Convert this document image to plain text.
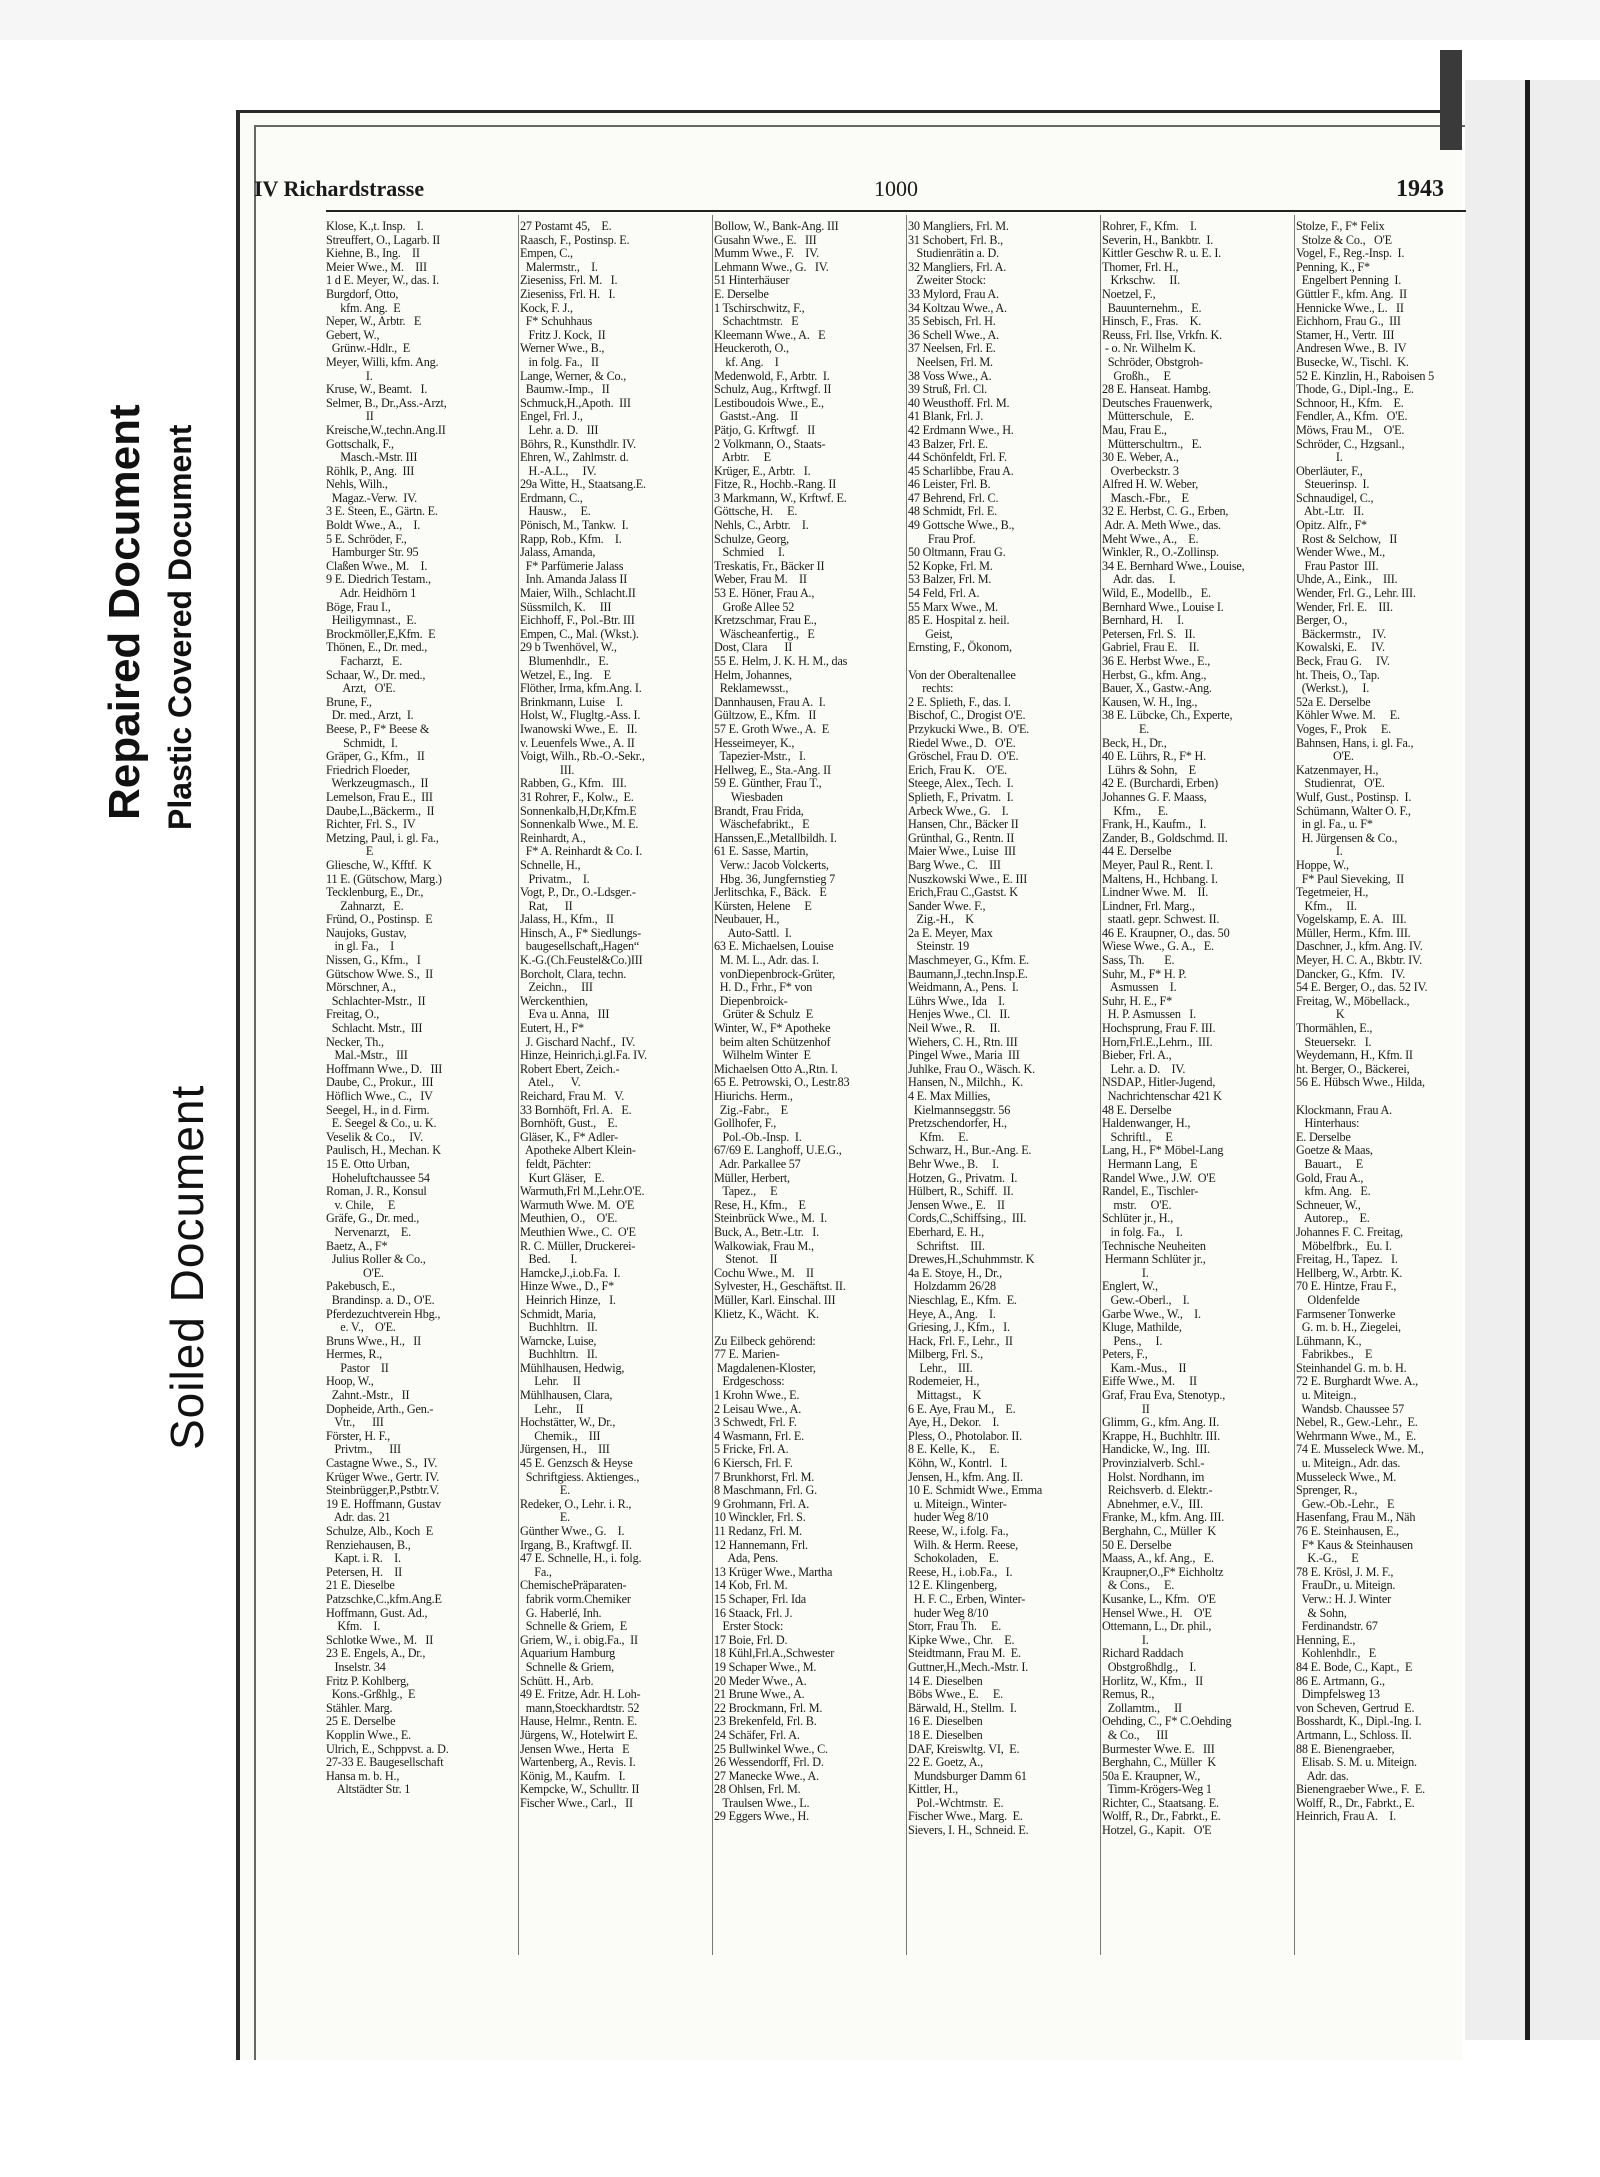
Repaired Document Plastic Covered Document
Soiled Document
IV Richardstrasse	1000	1943
Klose, K.,t. Insp.    I.
Streuffert, O., Lagarb. II
Kiehne, B., Ing.    II
Meier Wwe., M.    III
1 d E. Meyer, W., das. I.
Burgdorf, Otto,
kfm. Ang.  E
Neper, W., Arbtr.   E
Gebert, W.,
Grünw.-Hdlr.,  E
Meyer, Willi, kfm. Ang.
I.
Kruse, W., Beamt.   I.
Selmer, B., Dr.,Ass.-Arzt,
II
Kreische,W.,techn.Ang.II
Gottschalk, F.,
Masch.-Mstr. III
Röhlk, P., Ang.  III
Nehls, Wilh.,
Magaz.-Verw.  IV.
3 E. Steen, E., Gärtn. E.
Boldt Wwe., A.,    I.
5 E. Schröder, F.,
Hamburger Str. 95
Claßen Wwe., M.    I.
9 E. Diedrich Testam.,
Adr. Heidhörn 1
Böge, Frau I.,
Heiligymnast.,  E.
Brockmöller,E,Kfm.  E
Thönen, E., Dr. med.,
Facharzt,   E.
Schaar, W., Dr. med.,
Arzt,   O'E.
Brune, F.,
Dr. med., Arzt,  I.
Beese, P., F* Beese &
Schmidt,  I.
Gräper, G., Kfm.,   II
Friedrich Floeder,
Werkzeugmasch.,  II
Lemelson, Frau E.,  III
Daube,L.,Bäckerm.,  II
Richter, Frl. S.,  IV
Metzing, Paul, i. gl. Fa.,
E
Gliesche, W., Kfftf.  K
11 E. (Gütschow, Marg.)
Tecklenburg, E., Dr.,
Zahnarzt,   E.
Fründ, O., Postinsp.  E
Naujoks, Gustav,
in gl. Fa.,    I
Nissen, G., Kfm.,   I
Gütschow Wwe. S.,  II
Mörschner, A.,
Schlachter-Mstr.,  II
Freitag, O.,
Schlacht. Mstr.,  III
Necker, Th.,
Mal.-Mstr.,   III
Hoffmann Wwe., D.   III
Daube, C., Prokur.,  III
Höflich Wwe., C.,   IV
Seegel, H., in d. Firm.
E. Seegel & Co., u. K.
Veselik & Co.,     IV.
Paulisch, H., Mechan. K
15 E. Otto Urban,
Hoheluftchaussee 54
Roman, J. R., Konsul
v. Chile,     E
Gräfe, G., Dr. med.,
Nervenarzt,    E.
Baetz, A., F*
Julius Roller & Co.,
O'E.
Pakebusch, E.,
Brandinsp. a. D., O'E.
Pferdezuchtverein Hbg.,
e. V.,    O'E.
Bruns Wwe., H.,   II
Hermes, R.,
Pastor    II
Hoop, W.,
Zahnt.-Mstr.,   II
Dopheide, Arth., Gen.-
Vtr.,      III
Förster, H. F.,
Privtm.,      III
Castagne Wwe., S.,  IV.
Krüger Wwe., Gertr. IV.
Steinbrügger,P.,Pstbtr.V.
19 E. Hoffmann, Gustav
Adr. das. 21
Schulze, Alb., Koch  E
Renziehausen, B.,
Kapt. i. R.    I.
Petersen, H.    II
21 E. Dieselbe
Patzschke,C.,kfm.Ang.E
Hoffmann, Gust. Ad.,
Kfm.    I.
Schlotke Wwe., M.   II
23 E. Engels, A., Dr.,
Inselstr. 34
Fritz P. Kohlberg,
Kons.-Grßhlg.,  E
Stähler. Marg.
25 E. Derselbe
Kopplin Wwe., E.
Ulrich, E., Schppvst. a. D.
27-33 E. Baugesellschaft
Hansa m. b. H.,
Altstädter Str. 1
27 Postamt 45,    E.
Raasch, F., Postinsp. E.
Empen, C.,
Malermstr.,    I.
Zieseniss, Frl. M.   I.
Zieseniss, Frl. H.   I.
Kock, F. J.,
F* Schuhhaus
Fritz J. Kock,  II
Werner Wwe., B.,
in folg. Fa.,   II
Lange, Werner, & Co.,
Baumw.-Imp.,   II
Schmuck,H.,Apoth.  III
Engel, Frl. J.,
Lehr. a. D.   III
Böhrs, R., Kunsthdlr. IV.
Ehren, W., Zahlmstr. d.
H.-A.L.,     IV.
29a Witte, H., Staatsang.E.
Erdmann, C.,
Hausw.,     E.
Pönisch, M., Tankw.  I.
Rapp, Rob., Kfm.    I.
Jalass, Amanda,
F* Parfümerie Jalass
Inh. Amanda Jalass II
Maier, Wilh., Schlacht.II
Süssmilch, K.     III
Eichhoff, F., Pol.-Btr. III
Empen, C., Mal. (Wkst.).
29 b Twenhövel, W.,
Blumenhdlr.,   E.
Wetzel, E., Ing.    E
Flöther, Irma, kfm.Ang. I.
Brinkmann, Luise    I.
Holst, W., Flugltg.-Ass. I.
Iwanowski Wwe., E.   II.
v. Leuenfels Wwe., A. II
Voigt, Wilh., Rb.-O.-Sekr.,
III.
Rabben, G., Kfm.   III.
31 Rohrer, F., Kolw.,  E.
Sonnenkalb,H,Dr,Kfm.E
Sonnenkalb Wwe., M. E.
Reinhardt, A.,
F* A. Reinhardt & Co. I.
Schnelle, H.,
Privatm.,    I.
Vogt, P., Dr., O.-Ldsger.-
Rat,      II
Jalass, H., Kfm.,   II
Hinsch, A., F* Siedlungs-
baugesellschaft„Hagen“
K.-G.(Ch.Feustel&Co.)III
Borcholt, Clara, techn.
Zeichn.,     III
Werckenthien,
Eva u. Anna,   III
Eutert, H., F*
J. Gischard Nachf.,  IV.
Hinze, Heinrich,i.gl.Fa. IV.
Robert Ebert, Zeich.-
Atel.,      V.
Reichard, Frau M.   V.
33 Bornhöft, Frl. A.   E.
Bornhöft, Gust.,    E.
Gläser, K., F* Adler-
Apotheke Albert Klein-
feldt, Pächter:
Kurt Gläser,   E.
Warmuth,Frl M.,Lehr.O'E.
Warmuth Wwe. M.  O'E
Meuthien, O.,    O'E.
Meuthien Wwe., C.  O'E
R. C. Müller, Druckerei-
Bed.       I.
Hamcke,J.,i.ob.Fa.  I.
Hinze Wwe., D., F*
Heinrich Hinze,   I.
Schmidt, Maria,
Buchhltrn.   II.
Warncke, Luise,
Buchhltrn.   II.
Mühlhausen, Hedwig,
Lehr.     II
Mühlhausen, Clara,
Lehr.,     II
Hochstätter, W., Dr.,
Chemik.,    III
Jürgensen, H.,    III
45 E. Genzsch & Heyse
Schriftgiess. Aktienges.,
E.
Redeker, O., Lehr. i. R.,
E.
Günther Wwe., G.    I.
Irgang, B., Kraftwgf. II.
47 E. Schnelle, H., i. folg.
Fa.,
ChemischePräparaten-
fabrik vorm.Chemiker
G. Haberlé, Inh.
Schnelle & Griem,  E
Griem, W., i. obig.Fa.,  II
Aquarium Hamburg
Schnelle & Griem,
Schütt. H., Arb.
49 E. Fritze, Adr. H. Loh-
mann,Stoeckhardtstr. 52
Hause, Helmr., Rentn. E.
Jürgens, W., Hotelwirt E.
Jensen Wwe., Herta   E
Wartenberg, A., Revis. I.
König, M., Kaufm.   I.
Kempcke, W., Schulltr. II
Fischer Wwe., Carl.,   II
Bollow, W., Bank-Ang. III
Gusahn Wwe., E.   III
Mumm Wwe., F.    IV.
Lehmann Wwe., G.   IV.
51 Hinterhäuser
E. Derselbe
1 Tschirschwitz, F.,
Schachtmstr.   E
Kleemann Wwe., A.   E
Heuckeroth, O.,
kf. Ang.    I
Medenwold, F., Arbtr.  I.
Schulz, Aug., Krftwgf. II
Lestiboudois Wwe., E.,
Gastst.-Ang.    II
Pätjo, G. Krftwgf.   II
2 Volkmann, O., Staats-
Arbtr.     E
Krüger, E., Arbtr.   I.
Fitze, R., Hochb.-Rang. II
3 Markmann, W., Krftwf. E.
Göttsche, H.     E.
Nehls, C., Arbtr.    I.
Schulze, Georg,
Schmied     I.
Treskatis, Fr., Bäcker II
Weber, Frau M.    II
53 E. Höner, Frau A.,
Große Allee 52
Kretzschmar, Frau E.,
Wäscheanfertig.,   E
Dost, Clara      II
55 E. Helm, J. K. H. M., das
Helm, Johannes,
Reklamewsst.,
Dannhausen, Frau A.  I.
Gültzow, E., Kfm.   II
57 E. Groth Wwe., A.  E
Hesseimeyer, K.,
Tapezier-Mstr.,   I.
Hellweg, E., Sta.-Ang. II
59 E. Günther, Frau T.,
Wiesbaden
Brandt, Frau Frida,
Wäschefabrikt.,   E
Hanssen,E.,Metallbildh. I.
61 E. Sasse, Martin,
Verw.: Jacob Volckerts,
Hbg. 36, Jungfernstieg 7
Jerlitschka, F., Bäck.   E
Kürsten, Helene     E
Neubauer, H.,
Auto-Sattl.  I.
63 E. Michaelsen, Louise
M. M. L., Adr. das. I.
vonDiepenbrock-Grüter,
H. D., Frhr., F* von
Diepenbroick-
Grüter & Schulz  E
Winter, W., F* Apotheke
beim alten Schützenhof
Wilhelm Winter  E
Michaelsen Otto A.,Rtn. I.
65 E. Petrowski, O., Lestr.83
Hiurichs. Herm.,
Zig.-Fabr.,    E
Gollhofer, F.,
Pol.-Ob.-Insp.  I.
67/69 E. Langhoff, U.E.G.,
Adr. Parkallee 57
Müller, Herbert,
Tapez.,     E
Rese, H., Kfm.,    E
Steinbrück Wwe., M.  I.
Buck, A., Betr.-Ltr.   I.
Walkowiak, Frau M.,
Stenot.    II
Cochu Wwe., M.    II
Sylvester, H., Geschäftst. II.
Müller, Karl. Einschal. III
Klietz, K., Wächt.   K.

Zu Eilbeck gehörend:
77 E. Marien-
Magdalenen-Kloster,
Erdgeschoss:
1 Krohn Wwe., E.
2 Leisau Wwe., A.
3 Schwedt, Frl. F.
4 Wasmann, Frl. E.
5 Fricke, Frl. A.
6 Kiersch, Frl. F.
7 Brunkhorst, Frl. M.
8 Maschmann, Frl. G.
9 Grohmann, Frl. A.
10 Winckler, Frl. S.
11 Redanz, Frl. M.
12 Hannemann, Frl.
Ada, Pens.
13 Krüger Wwe., Martha
14 Kob, Frl. M.
15 Schaper, Frl. Ida
16 Staack, Frl. J.
Erster Stock:
17 Boie, Frl. D.
18 Kühl,Frl.A.,Schwester
19 Schaper Wwe., M.
20 Meder Wwe., A.
21 Brune Wwe., A.
22 Brockmann, Frl. M.
23 Brekenfeld, Frl. B.
24 Schäfer, Frl. A.
25 Bullwinkel Wwe., C.
26 Wessendorff, Frl. D.
27 Manecke Wwe., A.
28 Ohlsen, Frl. M.
Traulsen Wwe., L.
29 Eggers Wwe., H.
30 Mangliers, Frl. M.
31 Schobert, Frl. B.,
Studienrätin a. D.
32 Mangliers, Frl. A.
Zweiter Stock:
33 Mylord, Frau A.
34 Koltzau Wwe., A.
35 Sebisch, Frl. H.
36 Schell Wwe., A.
37 Neelsen, Frl. E.
Neelsen, Frl. M.
38 Voss Wwe., A.
39 Struß, Frl. Cl.
40 Weusthoff. Frl. M.
41 Blank, Frl. J.
42 Erdmann Wwe., H.
43 Balzer, Frl. E.
44 Schönfeldt, Frl. F.
45 Scharlibbe, Frau A.
46 Leister, Frl. B.
47 Behrend, Frl. C.
48 Schmidt, Frl. E.
49 Gottsche Wwe., B.,
Frau Prof.
50 Oltmann, Frau G.
52 Kopke, Frl. M.
53 Balzer, Frl. M.
54 Feld, Frl. A.
55 Marx Wwe., M.
85 E. Hospital z. heil.
Geist,
Ernsting, F., Ökonom,

Von der Oberaltenallee
rechts:
2 E. Splieth, F., das. I.
Bischof, C., Drogist O'E.
Przykucki Wwe., B.  O'E.
Riedel Wwe., D.   O'E.
Gröschel, Frau D.  O'E.
Erich, Frau K.    O'E.
Steege, Alex., Tech.  I.
Splieth, F., Privatm.  I.
Arbeck Wwe., G.    I.
Hansen, Chr., Bäcker II
Grünthal, G., Rentn. II
Maier Wwe., Luise  III
Barg Wwe., C.    III
Nuszkowski Wwe., E. III
Erich,Frau C.,Gastst. K
Sander Wwe. F.,
Zig.-H.,    K
2a E. Meyer, Max
Steinstr. 19
Maschmeyer, G., Kfm. E.
Baumann,J.,techn.Insp.E.
Weidmann, A., Pens.  I.
Lührs Wwe., Ida    I.
Henjes Wwe., Cl.   II.
Neil Wwe., R.     II.
Wiehers, C. H., Rtn. III
Pingel Wwe., Maria  III
Juhlke, Frau O., Wäsch. K.
Hansen, N., Milchh.,  K.
4 E. Max Millies,
Kielmannseggstr. 56
Pretzschendorfer, H.,
Kfm.     E.
Schwarz, H., Bur.-Ang. E.
Behr Wwe., B.     I.
Hotzen, G., Privatm.  I.
Hülbert, R., Schiff.  II.
Jensen Wwe., E.    II
Cords,C.,Schiffsing.,  III.
Eberhard, E. H.,
Schriftst.    III.
Drewes,H.,Schuhmmstr. K
4a E. Stoye, H., Dr.,
Holzdamm 26/28
Nieschlag, E., Kfm.  E.
Heye, A., Ang.    I.
Griesing, J., Kfm.,   I.
Hack, Frl. F., Lehr.,  II
Milberg, Frl. S.,
Lehr.,    III.
Rodemeier, H.,
Mittagst.,    K
6 E. Aye, Frau M.,    E.
Aye, H., Dekor.    I.
Pless, O., Photolabor. II.
8 E. Kelle, K.,     E.
Köhn, W., Kontrl.   I.
Jensen, H., kfm. Ang. II.
10 E. Schmidt Wwe., Emma
u. Miteign., Winter-
huder Weg 8/10
Reese, W., i.folg. Fa.,
Wilh. & Herm. Reese,
Schokoladen,    E.
Reese, H., i.ob.Fa.,   I.
12 E. Klingenberg,
H. F. C., Erben, Winter-
huder Weg 8/10
Storr, Frau Th.     E.
Kipke Wwe., Chr.    E.
Steidtmann, Frau M.  E.
Guttner,H.,Mech.-Mstr. I.
14 E. Dieselben
Böbs Wwe., E.     E.
Bärwald, H., Stellm.  I.
16 E. Dieselben
18 E. Dieselben
DAF, Kreiswltg. VI,  E.
22 E. Goetz, A.,
Mundsburger Damm 61
Kittler, H.,
Pol.-Wchtmstr.  E.
Fischer Wwe., Marg.  E.
Sievers, I. H., Schneid. E.
Rohrer, F., Kfm.    I.
Severin, H., Bankbtr.  I.
Kittler Geschw R. u. E. I.
Thomer, Frl. H.,
Krkschw.     II.
Noetzel, F.,
Bauunternehm.,   E.
Hinsch, F., Fras.    K.
Reuss, Frl. Ilse, Vrkfn. K.
- o. Nr. Wilhelm K.
Schröder, Obstgroh-
Großh.,     E
28 E. Hanseat. Hambg.
Deutsches Frauenwerk,
Mütterschule,    E.
Mau, Frau E.,
Mütterschultrn.,   E.
30 E. Weber, A.,
Overbeckstr. 3
Alfred H. W. Weber,
Masch.-Fbr.,    E
32 E. Herbst, C. G., Erben,
Adr. A. Meth Wwe., das.
Meht Wwe., A.,    E.
Winkler, R., O.-Zollinsp.
34 E. Bernhard Wwe., Louise,
Adr. das.     I.
Wild, E., Modellb.,   E.
Bernhard Wwe., Louise I.
Bernhard, H.     I.
Petersen, Frl. S.   II.
Gabriel, Frau E.    II.
36 E. Herbst Wwe., E.,
Herbst, G., kfm. Ang.,
Bauer, X., Gastw.-Ang.
Kausen, W. H., Ing.,
38 E. Lübcke, Ch., Experte,
E.
Beck, H., Dr.,
40 E. Lührs, R., F* H.
Lührs & Sohn,    E
42 E. (Burchardi, Erben)
Johannes G. F. Maass,
Kfm.,      E.
Frank, H., Kaufm.,   I.
Zander, B., Goldschmd. II.
44 E. Derselbe
Meyer, Paul R., Rent. I.
Maltens, H., Hchbang. I.
Lindner Wwe. M.    II.
Lindner, Frl. Marg.,
staatl. gepr. Schwest. II.
46 E. Kraupner, O., das. 50
Wiese Wwe., G. A.,   E.
Sass, Th.       E.
Suhr, M., F* H. P.
Asmussen    I.
Suhr, H. E., F*
H. P. Asmussen   I.
Hochsprung, Frau F. III.
Horn,Frl.E.,Lehrn.,  III.
Bieber, Frl. A.,
Lehr. a. D.    IV.
NSDAP., Hitler-Jugend,
Nachrichtenschar 421 K
48 E. Derselbe
Haldenwanger, H.,
Schriftl.,     E
Lang, H., F* Möbel-Lang
Hermann Lang,   E
Randel Wwe., J.W.  O'E
Randel, E., Tischler-
mstr.     O'E.
Schlüter jr., H.,
in folg. Fa.,    I.
Technische Neuheiten
Hermann Schlüter jr.,
I.
Englert, W.,
Gew.-Oberl.,    I.
Garbe Wwe., W.,    I.
Kluge, Mathilde,
Pens.,     I.
Peters, F.,
Kam.-Mus.,    II
Eiffe Wwe., M.     II
Graf, Frau Eva, Stenotyp.,
II
Glimm, G., kfm. Ang. II.
Krappe, H., Buchhltr. III.
Handicke, W., Ing.  III.
Provinzialverb. Schl.-
Holst. Nordhann, im
Reichsverb. d. Elektr.-
Abnehmer, e.V.,  III.
Franke, M., kfm. Ang. III.
Berghahn, C., Müller  K
50 E. Derselbe
Maass, A., kf. Ang.,   E.
Kraupner,O.,F* Eichholtz
& Cons.,     E.
Kusanke, L., Kfm.   O'E
Hensel Wwe., H.    O'E
Ottemann, L., Dr. phil.,
I.
Richard Raddach
Obstgroßhdlg.,    I.
Horlitz, W., Kfm.,   II
Remus, R.,
Zollamtm.,     II
Oehding, C., F* C.Oehding
& Co.,      III
Burmester Wwe. E.   III
Berghahn, C., Müller  K
50a E. Kraupner, W.,
Timm-Krögers-Weg 1
Richter, C., Staatsang. E.
Wolff, R., Dr., Fabrkt., E.
Hotzel, G., Kapit.   O'E
Stolze, F., F* Felix
Stolze & Co.,   O'E
Vogel, F., Reg.-Insp.  I.
Penning, K., F*
Engelbert Penning  I.
Güttler F., kfm. Ang.  II
Hennicke Wwe., L.   II
Eichhorn, Frau G.,  III
Stamer, H., Vertr.  III
Andresen Wwe., B.  IV
Busecke, W., Tischl.  K.
52 E. Kinzlin, H., Raboisen 5
Thode, G., Dipl.-Ing.,  E.
Schnoor, H., Kfm.    E.
Fendler, A., Kfm.   O'E.
Möws, Frau M.,    O'E.
Schröder, C., Hzgsanl.,
I.
Oberläuter, F.,
Steuerinsp.  I.
Schnaudigel, C.,
Abt.-Ltr.   II.
Opitz. Alfr., F*
Rost & Selchow,   II
Wender Wwe., M.,
Frau Pastor  III.
Uhde, A., Eink.,    III.
Wender, Frl. G., Lehr. III.
Wender, Frl. E.    III.
Berger, O.,
Bäckermstr.,    IV.
Kowalski, E.     IV.
Beck, Frau G.     IV.
ht. Theis, O., Tap.
(Werkst.),     I.
52a E. Derselbe
Köhler Wwe. M.     E.
Voges, F., Prok     E.
Bahnsen, Hans, i. gl. Fa.,
O'E.
Katzenmayer, H.,
Studienrat,   O'E.
Wulf, Gust., Postinsp.  I.
Schümann, Walter O. F.,
in gl. Fa., u. F*
H. Jürgensen & Co.,
I.
Hoppe, W.,
F* Paul Sieveking,  II
Tegetmeier, H.,
Kfm.,     II.
Vogelskamp, E. A.   III.
Müller, Herm., Kfm. III.
Daschner, J., kfm. Ang. IV.
Meyer, H. C. A., Bkbtr. IV.
Dancker, G., Kfm.   IV.
54 E. Berger, O., das. 52 IV.
Freitag, W., Möbellack.,
K
Thormählen, E.,
Steuersekr.   I.
Weydemann, H., Kfm. II
ht. Berger, O., Bäckerei,
56 E. Hübsch Wwe., Hilda,

Klockmann, Frau A.
Hinterhaus:
E. Derselbe
Goetze & Maas,
Bauart.,     E
Gold, Frau A.,
kfm. Ang.   E.
Schneuer, W.,
Autorep.,    E.
Johannes F. C. Freitag,
Möbelfbrk.,   Eu. I.
Freitag, H., Tapez.   I.
Hellberg, W., Arbtr. K.
70 E. Hintze, Frau F.,
Oldenfelde
Farmsener Tonwerke
G. m. b. H., Ziegelei,
Lühmann, K.,
Fabrikbes.,    E
Steinhandel G. m. b. H.
72 E. Burghardt Wwe. A.,
u. Miteign.,
Wandsb. Chaussee 57
Nebel, R., Gew.-Lehr.,  E.
Wehrmann Wwe., M.,  E.
74 E. Musseleck Wwe. M.,
u. Miteign., Adr. das.
Musseleck Wwe., M.
Sprenger, R.,
Gew.-Ob.-Lehr.,   E
Hasenfang, Frau M., Näh
76 E. Steinhausen, E.,
F* Kaus & Steinhausen
K.-G.,     E
78 E. Krösl, J. M. F.,
FrauDr., u. Miteign.
Verw.: H. J. Winter
& Sohn,
Ferdinandstr. 67
Henning, E.,
Kohlenhdlr.,   E
84 E. Bode, C., Kapt.,  E
86 E. Artmann, G.,
Dimpfelsweg 13
von Scheven, Gertrud  E.
Bosshardt, K., Dipl.-Ing. I.
Artmann, L., Schloss. II.
88 E. Bienengraeber,
Elisab. S. M. u. Miteign.
Adr. das.
Bienengraeber Wwe., F.  E.
Wolff, R., Dr., Fabrkt., E.
Heinrich, Frau A.    I.
